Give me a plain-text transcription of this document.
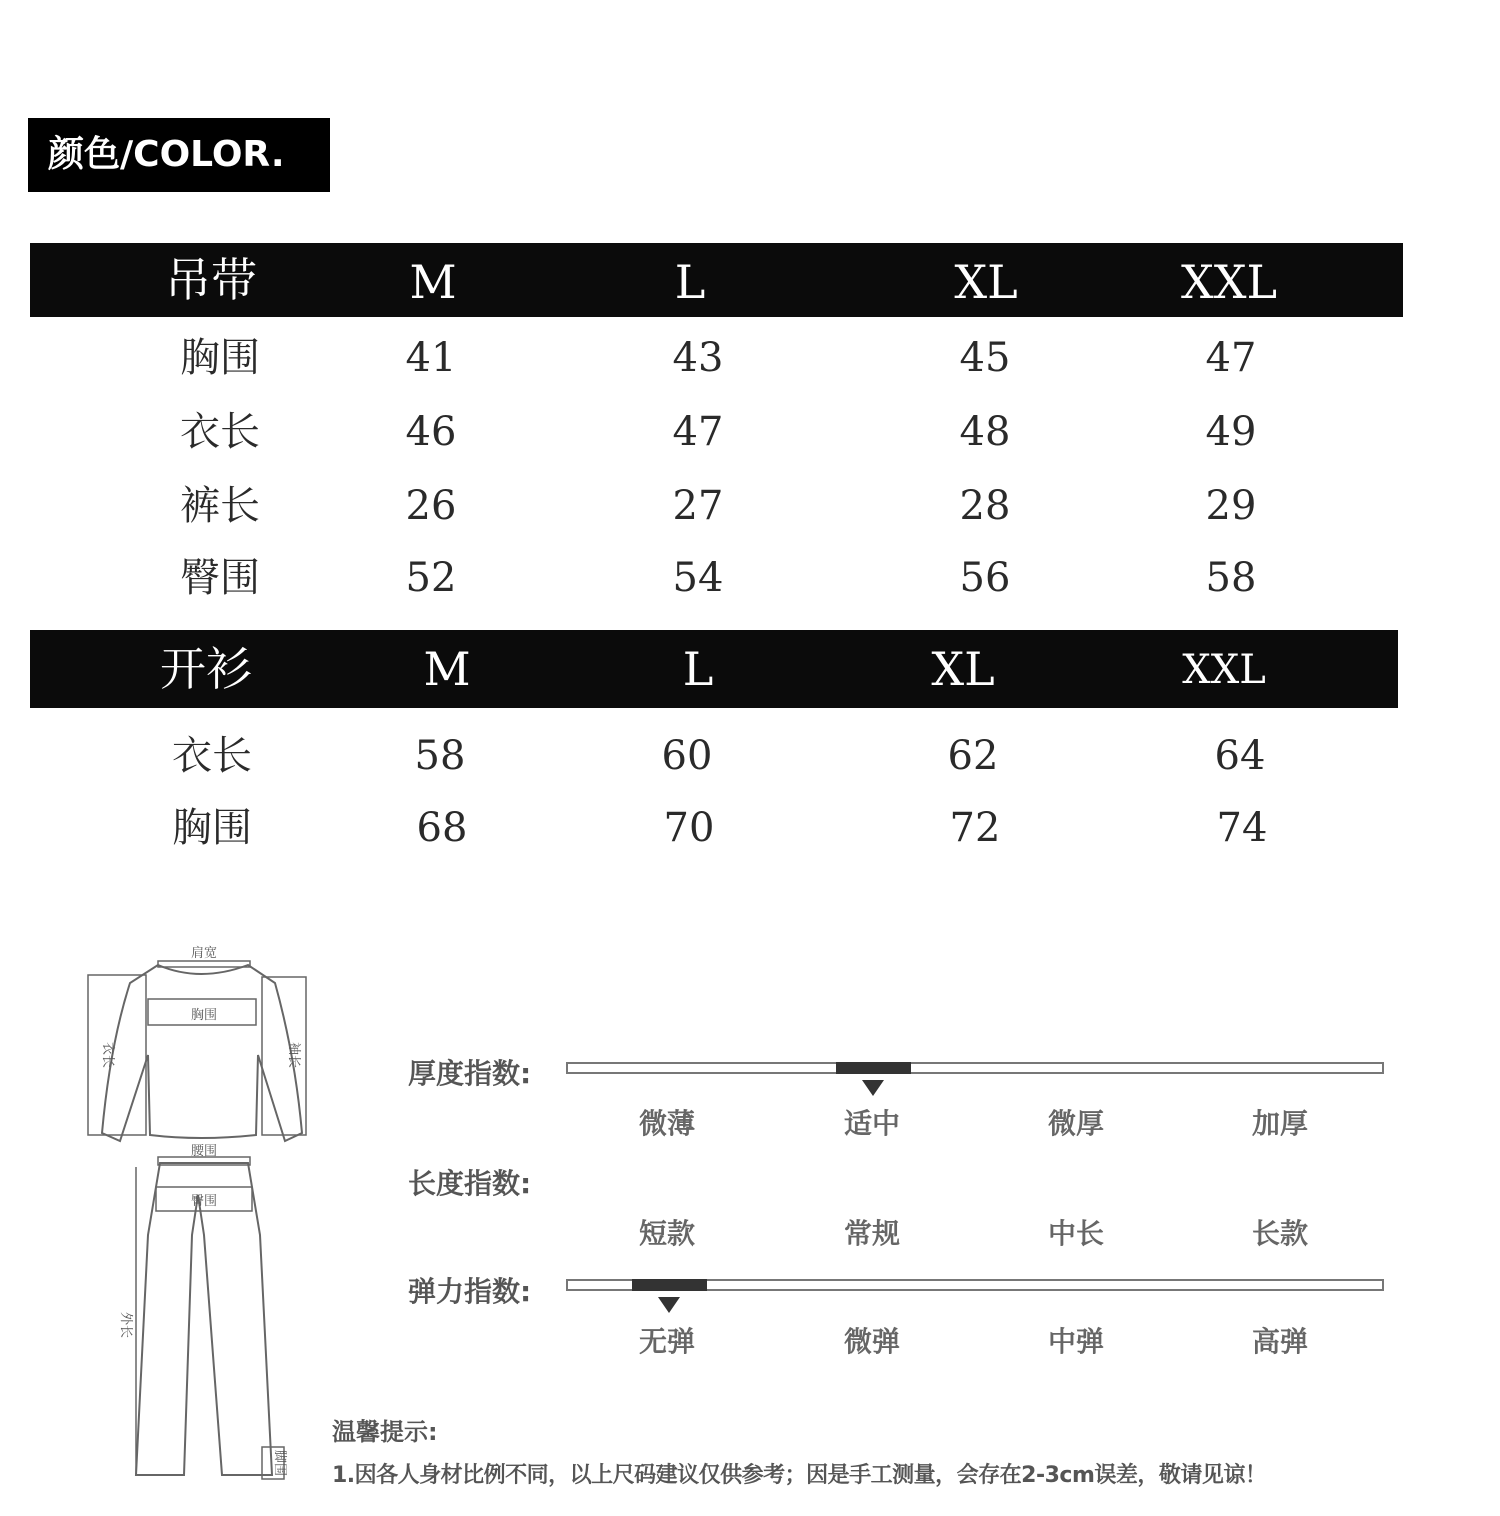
颜色/COLOR.
吊带	M	L	XL	XXL
胸围	41	43	45	47
衣长	46	47	48	49
裤长	26	27	28	29
臀围	52	54	56	58
开衫	M	L	XL	XXL
衣长	58	60	62	64
胸围	68	70	72	74
肩宽
胸围
衣长	袖长
腰围
臀围
外长
脚围
厚度指数:
微薄	适中	微厚	加厚
长度指数:
短款	常规	中长	长款
弹力指数:
无弹	微弹	中弹	高弹
温馨提示:
1.因各人身材比例不同，以上尺码建议仅供参考；因是手工测量，会存在2-3cm误差，敬请见谅！
